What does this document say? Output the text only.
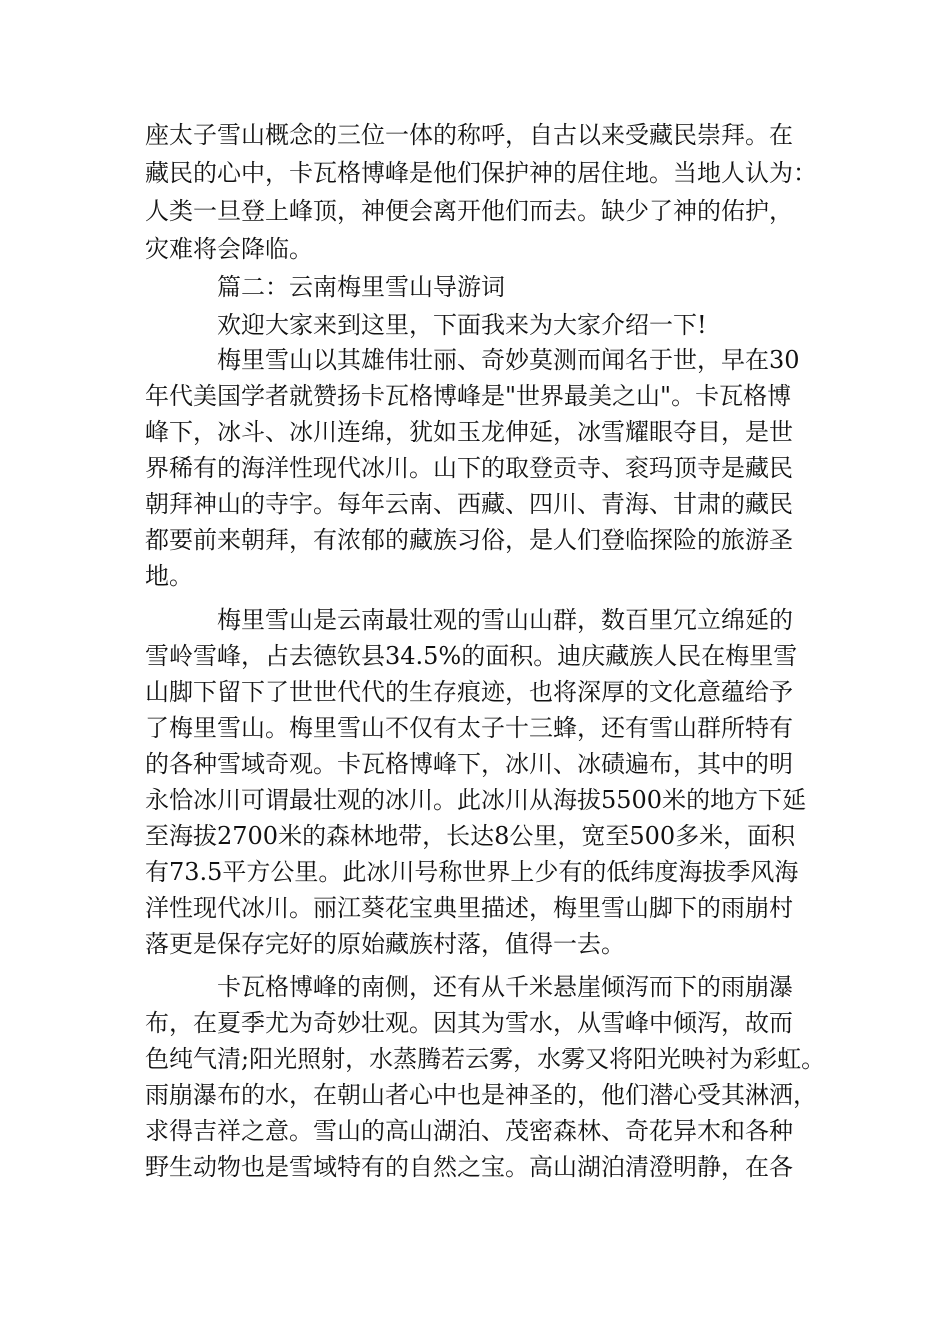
座太子雪山概念的三位一体的称呼，自古以来受藏民崇拜。在
藏民的心中，卡瓦格博峰是他们保护神的居住地。当地人认为：
人类一旦登上峰顶，神便会离开他们而去。缺少了神的佑护，
灾难将会降临。
篇二：云南梅里雪山导游词
欢迎大家来到这里，下面我来为大家介绍一下!
梅里雪山以其雄伟壮丽、奇妙莫测而闻名于世，早在30
年代美国学者就赞扬卡瓦格博峰是"世界最美之山"。卡瓦格博
峰下，冰斗、冰川连绵，犹如玉龙伸延，冰雪耀眼夺目，是世
界稀有的海洋性现代冰川。山下的取登贡寺、衮玛顶寺是藏民
朝拜神山的寺宇。每年云南、西藏、四川、青海、甘肃的藏民
都要前来朝拜，有浓郁的藏族习俗，是人们登临探险的旅游圣
地。
梅里雪山是云南最壮观的雪山山群，数百里冗立绵延的
雪岭雪峰，占去德钦县34.5%的面积。迪庆藏族人民在梅里雪
山脚下留下了世世代代的生存痕迹，也将深厚的文化意蕴给予
了梅里雪山。梅里雪山不仅有太子十三蜂，还有雪山群所特有
的各种雪域奇观。卡瓦格博峰下，冰川、冰碛遍布，其中的明
永恰冰川可谓最壮观的冰川。此冰川从海拔5500米的地方下延
至海拔2700米的森林地带，长达8公里，宽至500多米，面积
有73.5平方公里。此冰川号称世界上少有的低纬度海拔季风海
洋性现代冰川。丽江葵花宝典里描述，梅里雪山脚下的雨崩村
落更是保存完好的原始藏族村落，值得一去。
卡瓦格博峰的南侧，还有从千米悬崖倾泻而下的雨崩瀑
布，在夏季尤为奇妙壮观。因其为雪水，从雪峰中倾泻，故而
色纯气清;阳光照射，水蒸腾若云雾，水雾又将阳光映衬为彩虹。
雨崩瀑布的水，在朝山者心中也是神圣的，他们潜心受其淋洒，
求得吉祥之意。雪山的高山湖泊、茂密森林、奇花异木和各种
野生动物也是雪域特有的自然之宝。高山湖泊清澄明静，在各
